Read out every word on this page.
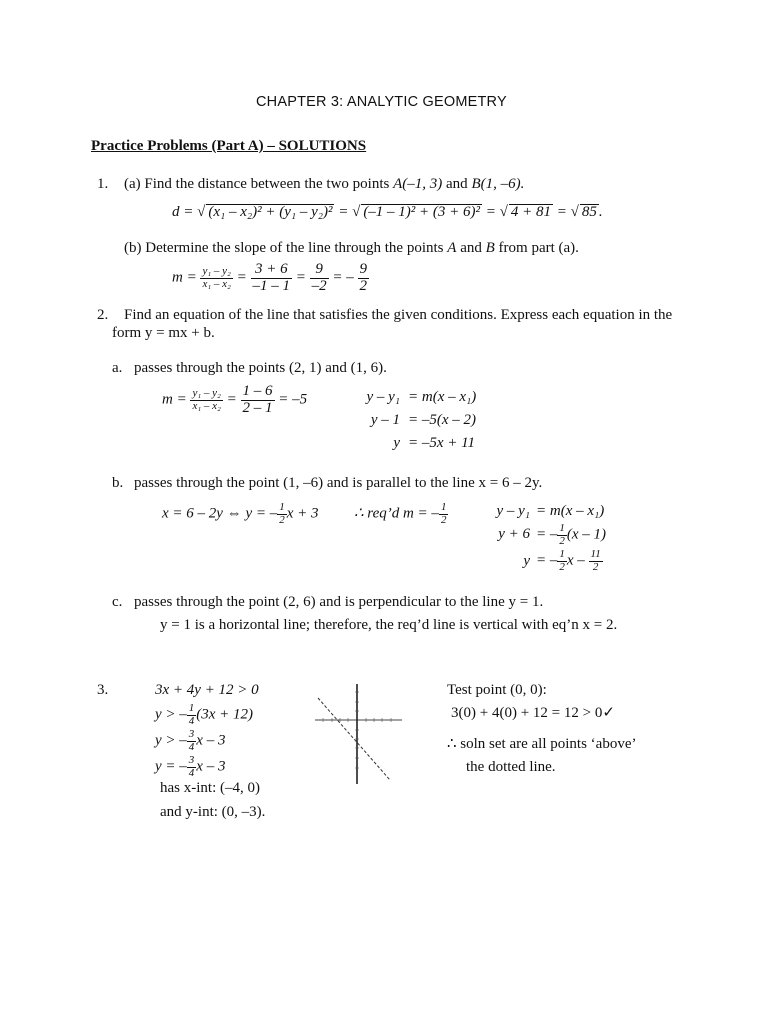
CHAPTER 3: ANALYTIC GEOMETRY
Practice Problems (Part A) – SOLUTIONS
1. (a) Find the distance between the two points A(–1, 3) and B(1, –6).
d = √ (x₁ – x₂)² + (y₁ – y₂)² = √ (–1 – 1)² + (3 + 6)² = √ 4 + 81 = √ 85 .
(b) Determine the slope of the line through the points A and B from part (a).
$m = \frac{\text{y₁ – y₂}}{\text{x₁ – x₂}} = \frac{3 + 6}{-1 - 1} = \frac{9}{-2}$ = – $\frac{9}{2}$
2. Find an equation of the line that satisfies the given conditions. Express each equation in the
form y = mx + b.
a. passes through the points (2, 1) and (1, 6).
$m = \frac{\text{y₁ – y₂}}{\text{x₁ – x₂}} = \frac{1 - 6}{2 - 1} = -5$	y – y₁ = m(x – x₁)
y – 1 = –5(x – 2)
y = –5x + 11
b. passes through the point (1, –6) and is parallel to the line x = 6 – 2y.
x = 6 – 2y ⇔ y = – $\frac{1}{2}$ x + 3 ∴ req’d m = – $\frac{1}{2}$	y – y₁ = m(x – x₁)
y + 6 = – $\frac{1}{2} (x - 1)$
y = – $\frac{1}{2}$ x – $\frac{11}{2}$
c. passes through the point (2, 6) and is perpendicular to the line y = 1.
y = 1 is a horizontal line; therefore, the req’d line is vertical with eq’n x = 2.
3.	3x + 4y + 12 > 0
y > – $\frac{1}{4} (3x + 12)$
y > – $\frac{3}{4}$ x – 3
y = – $\frac{3}{4}$ x – 3
has x-int: (–4, 0)
and y-int: (0, –3).
Test point (0, 0):
3(0) + 4(0) + 12 = 12 > 0✓
∴ soln set are all points ‘above’
the dotted line.
